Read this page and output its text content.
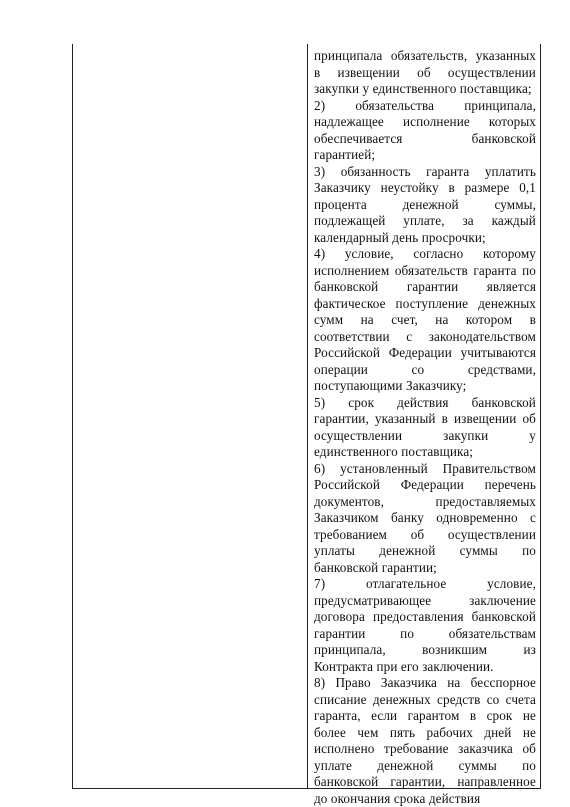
принципала обязательств, указанных
в извещении об осуществлении
закупки у единственного поставщика;
2) обязательства принципала,
надлежащее исполнение которых
обеспечивается	банковской
гарантией;
3) обязанность гаранта уплатить
Заказчику неустойку в размере 0,1
процента	денежной	суммы,
подлежащей уплате, за каждый
календарный день просрочки;
4) условие, согласно которому
исполнением обязательств гаранта по
банковской гарантии является
фактическое поступление денежных
сумм на счет, на котором в
соответствии с законодательством
Российской Федерации учитываются
операции	со	средствами,
поступающими Заказчику;
5) срок действия банковской
гарантии, указанный в извещении об
осуществлении	закупки	у
единственного поставщика;
6) установленный Правительством
Российской Федерации перечень
документов,	предоставляемых
Заказчиком банку одновременно с
требованием об осуществлении
уплаты денежной суммы по
банковской гарантии;
7)	отлагательное	условие,
предусматривающее	заключение
договора предоставления банковской
гарантии	по	обязательствам
принципала,	возникшим	из
Контракта при его заключении.
8) Право Заказчика на бесспорное
списание денежных средств со счета
гаранта, если гарантом в срок не
более чем пять рабочих дней не
исполнено требование заказчика об
уплате денежной суммы по
банковской гарантии, направленное
до окончания срока действия
